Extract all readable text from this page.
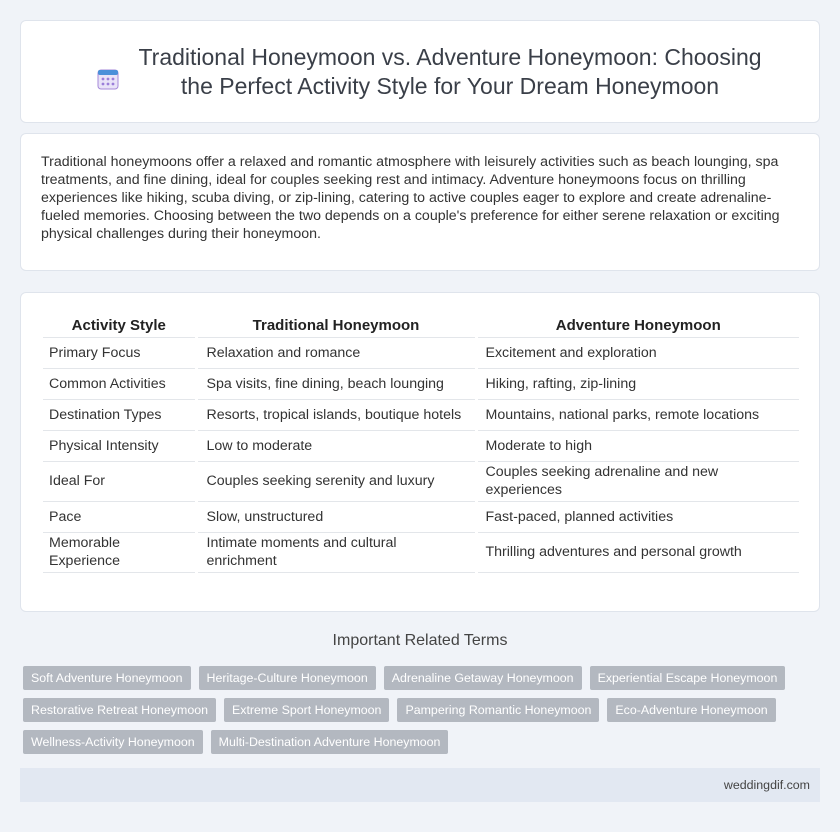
Traditional Honeymoon vs. Adventure Honeymoon: Choosing the Perfect Activity Style for Your Dream Honeymoon

Traditional honeymoons offer a relaxed and romantic atmosphere with leisurely activities such as beach lounging, spa treatments, and fine dining, ideal for couples seeking rest and intimacy. Adventure honeymoons focus on thrilling experiences like hiking, scuba diving, or zip-lining, catering to active couples eager to explore and create adrenaline-fueled memories. Choosing between the two depends on a couple's preference for either serene relaxation or exciting physical challenges during their honeymoon.

Activity Style	Traditional Honeymoon	Adventure Honeymoon
Primary Focus	Relaxation and romance	Excitement and exploration
Common Activities	Spa visits, fine dining, beach lounging	Hiking, rafting, zip-lining
Destination Types	Resorts, tropical islands, boutique hotels	Mountains, national parks, remote locations
Physical Intensity	Low to moderate	Moderate to high
Ideal For	Couples seeking serenity and luxury	Couples seeking adrenaline and new experiences
Pace	Slow, unstructured	Fast-paced, planned activities
Memorable Experience	Intimate moments and cultural enrichment	Thrilling adventures and personal growth
Important Related Terms
Soft Adventure Honeymoon	Heritage-Culture Honeymoon	Adrenaline Getaway Honeymoon	Experiential Escape Honeymoon
Restorative Retreat Honeymoon	Extreme Sport Honeymoon	Pampering Romantic Honeymoon	Eco-Adventure Honeymoon
Wellness-Activity Honeymoon	Multi-Destination Adventure Honeymoon
weddingdif.com
